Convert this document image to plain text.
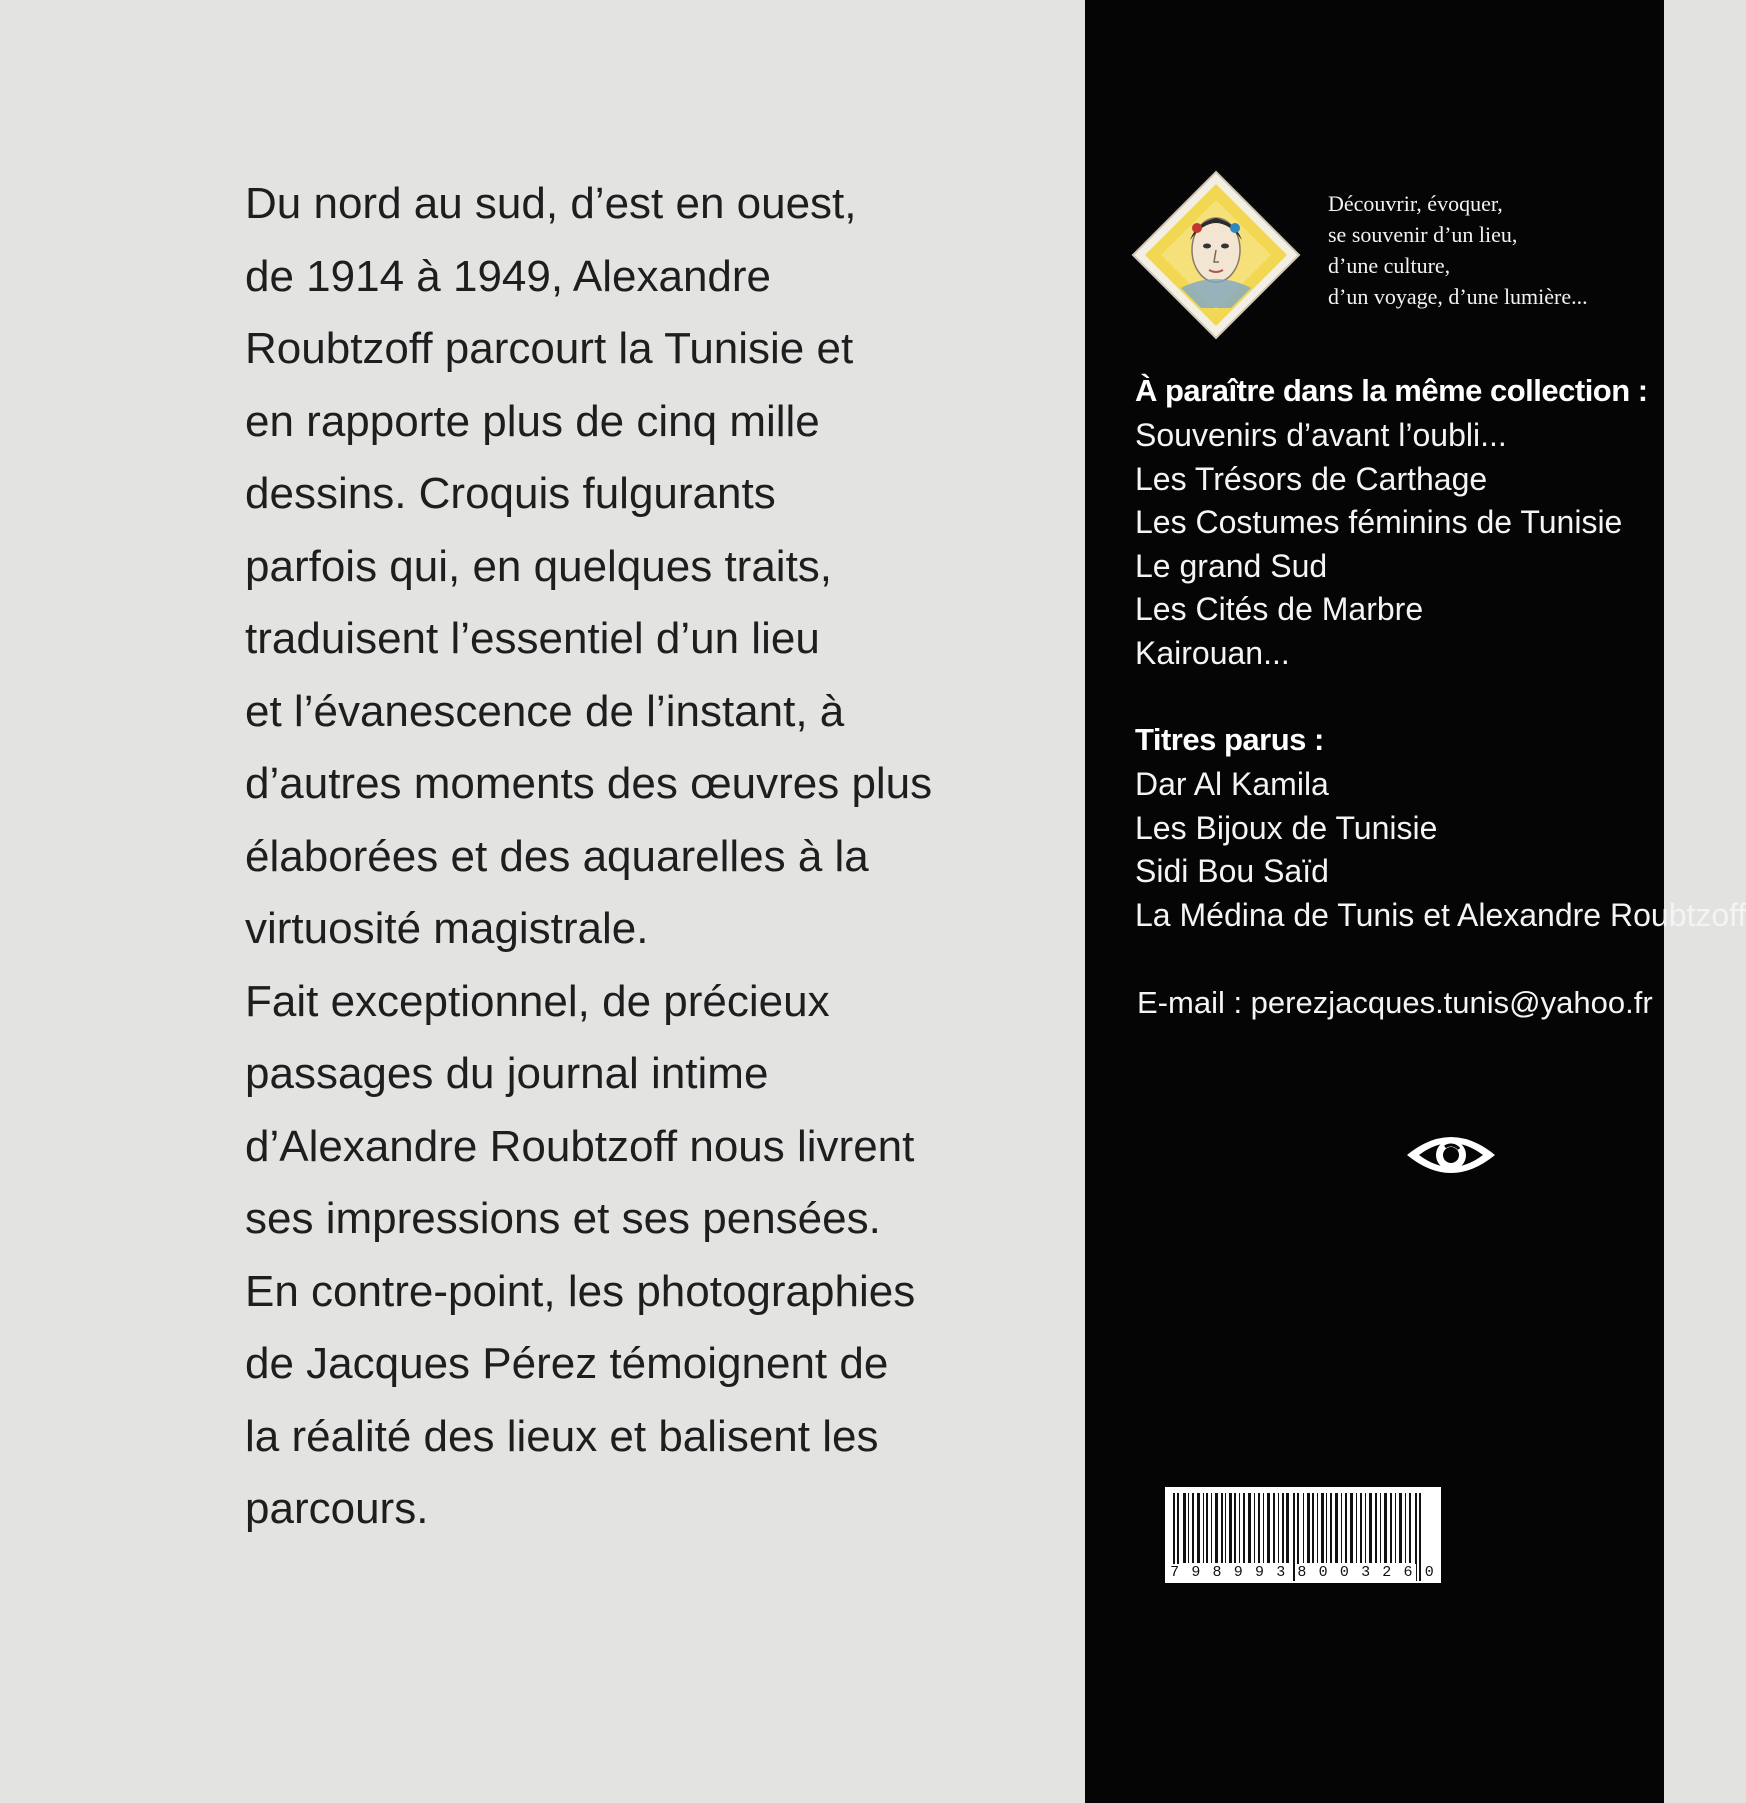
Du nord au sud, d’est en ouest,
de 1914 à 1949, Alexandre
Roubtzoff parcourt la Tunisie et
en rapporte plus de cinq mille
dessins. Croquis fulgurants
parfois qui, en quelques traits,
traduisent l’essentiel d’un lieu
et l’évanescence de l’instant, à
d’autres moments des œuvres plus
élaborées et des aquarelles à la
virtuosité magistrale.
Fait exceptionnel, de précieux
passages du journal intime
d’Alexandre Roubtzoff nous livrent
ses impressions et ses pensées.
En contre-point, les photographies
de Jacques Pérez témoignent de
la réalité des lieux et balisent les
parcours.
Découvrir, évoquer,
se souvenir d’un lieu,
d’une culture,
d’un voyage, d’une lumière...
À paraître dans la même collection :
Souvenirs d’avant l’oubli...
Les Trésors de Carthage
Les Costumes féminins de Tunisie
Le grand Sud
Les Cités de Marbre
Kairouan...
Titres parus :
Dar Al Kamila
Les Bijoux de Tunisie
Sidi Bou Saïd
La Médina de Tunis et Alexandre Roubtzoff
E-mail : perezjacques.tunis@yahoo.fr
7 9 8 9 9 3 8 0 0 3 2 6 0
